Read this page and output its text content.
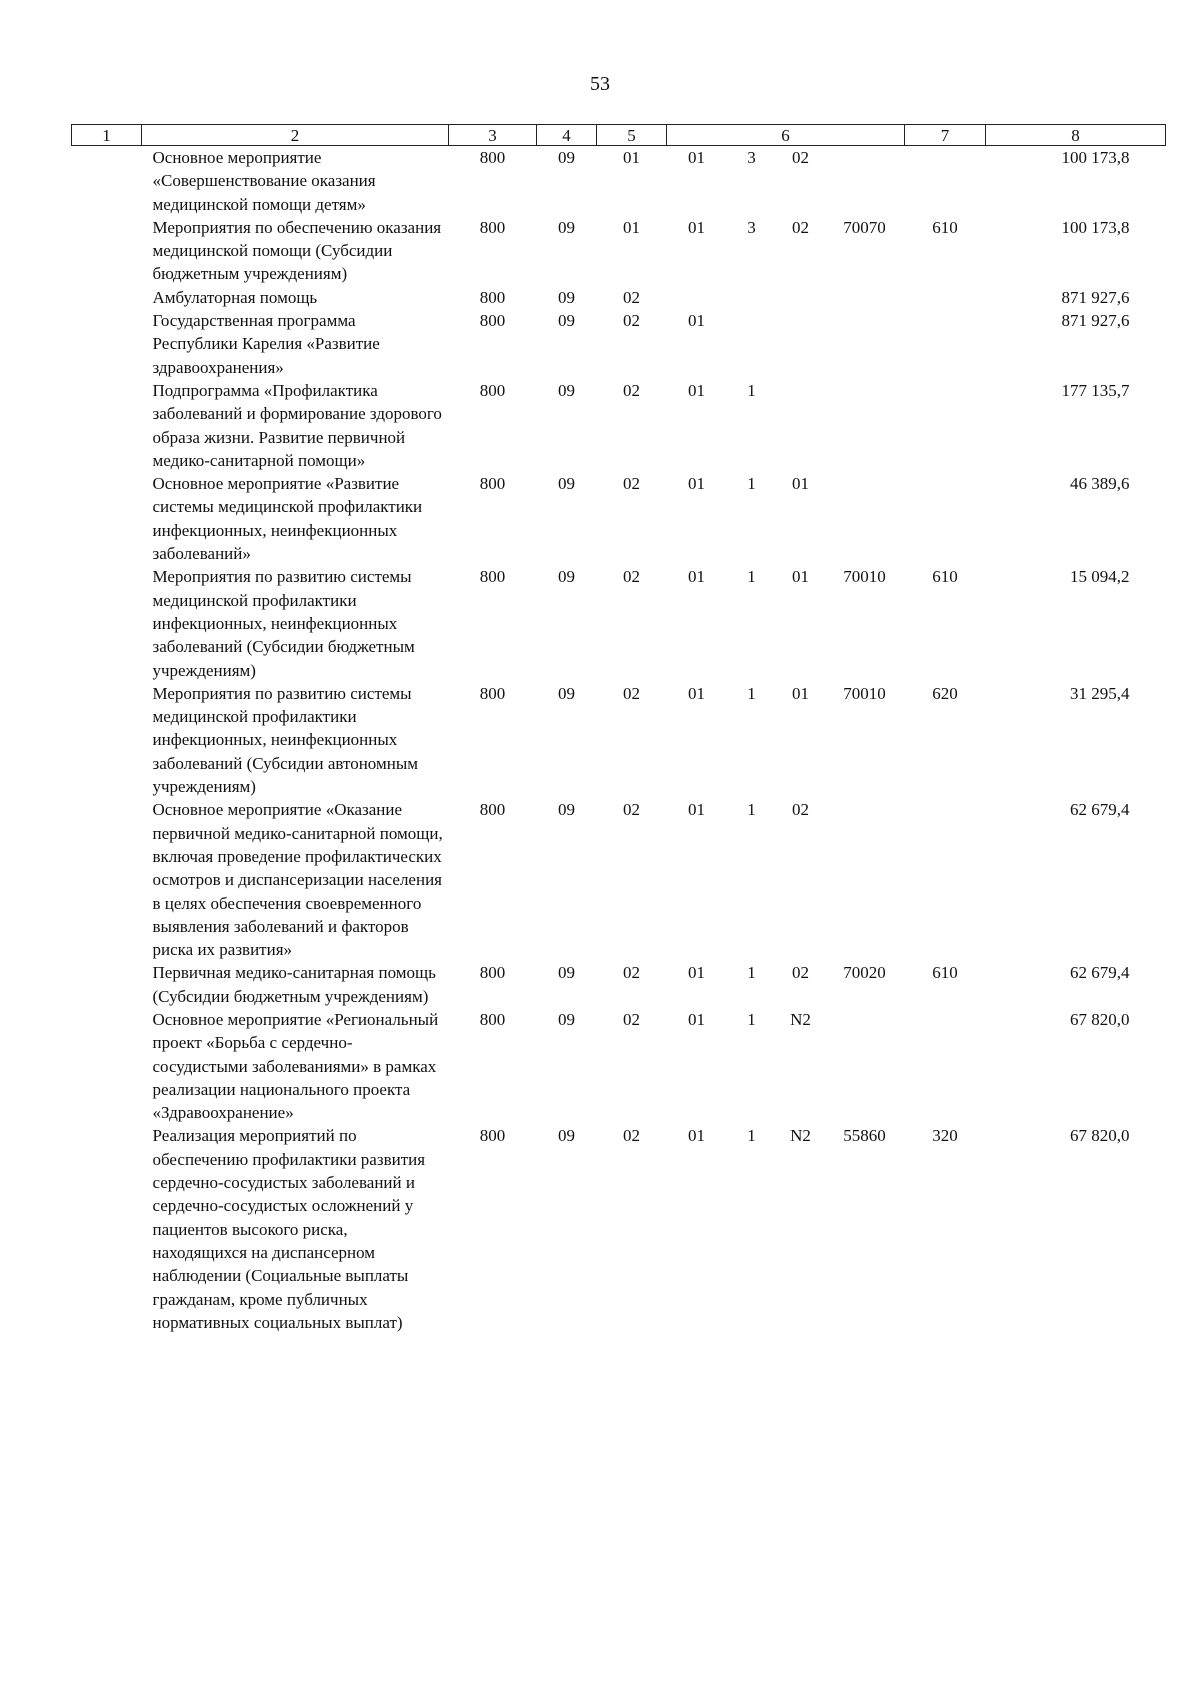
53
1	2	3	4	5	6				7	8
	Основное мероприятие «Совершенствование оказания медицинской помощи детям»	800	09	01	01	3	02			100 173,8
	Мероприятия по обеспечению оказания медицинской помощи (Субсидии бюджетным учреждениям)	800	09	01	01	3	02	70070	610	100 173,8
	Амбулаторная помощь	800	09	02						871 927,6
	Государственная программа Республики Карелия «Развитие здравоохранения»	800	09	02	01					871 927,6
	Подпрограмма «Профилактика заболеваний и формирование здорового образа жизни. Развитие первичной медико-санитарной помощи»	800	09	02	01	1				177 135,7
	Основное мероприятие «Развитие системы медицинской профилактики инфекционных, неинфекционных заболеваний»	800	09	02	01	1	01			46 389,6
	Мероприятия по развитию системы медицинской профилактики инфекционных, неинфекционных заболеваний (Субсидии бюджетным учреждениям)	800	09	02	01	1	01	70010	610	15 094,2
	Мероприятия по развитию системы медицинской профилактики инфекционных, неинфекционных заболеваний (Субсидии автономным учреждениям)	800	09	02	01	1	01	70010	620	31 295,4
	Основное мероприятие «Оказание первичной медико-санитарной помощи, включая проведение профилактических осмотров и диспансеризации населения в целях обеспечения своевременного выявления заболеваний и факторов риска их развития»	800	09	02	01	1	02			62 679,4
	Первичная медико-санитарная помощь (Субсидии бюджетным учреждениям)	800	09	02	01	1	02	70020	610	62 679,4
	Основное мероприятие «Региональный проект «Борьба с сердечно-сосудистыми заболеваниями» в рамках реализации национального проекта «Здравоохранение»	800	09	02	01	1	N2			67 820,0
	Реализация мероприятий по обеспечению профилактики развития сердечно-сосудистых заболеваний и сердечно-сосудистых осложнений у пациентов высокого риска, находящихся на диспансерном наблюдении (Социальные выплаты гражданам, кроме публичных нормативных социальных выплат)	800	09	02	01	1	N2	55860	320	67 820,0
